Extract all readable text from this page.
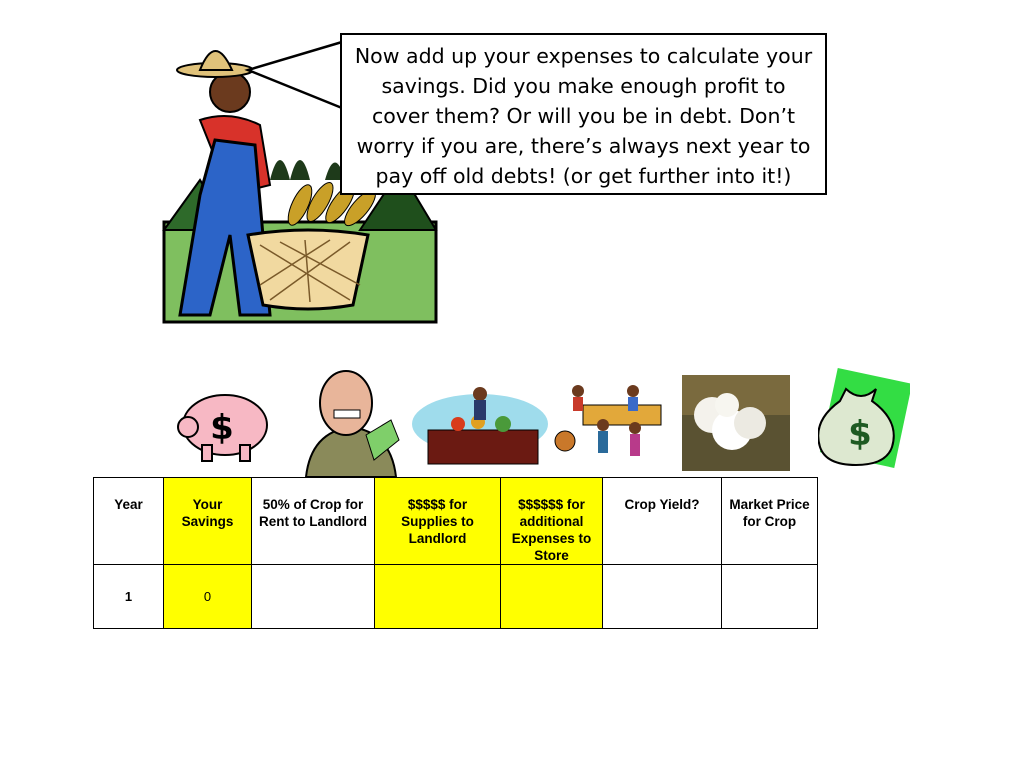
Now add up your expenses to calculate your savings. Did you make enough profit to cover them? Or will you be in debt. Don’t worry if you are, there’s always next year to pay off old debts! (or get further into it!)
$	$
Year	Your Savings	50% of Crop for Rent to Landlord	$$$$$ for Supplies to Landlord	$$$$$$ for additional Expenses to Store	Crop Yield?	Market Price for Crop
1	0					
